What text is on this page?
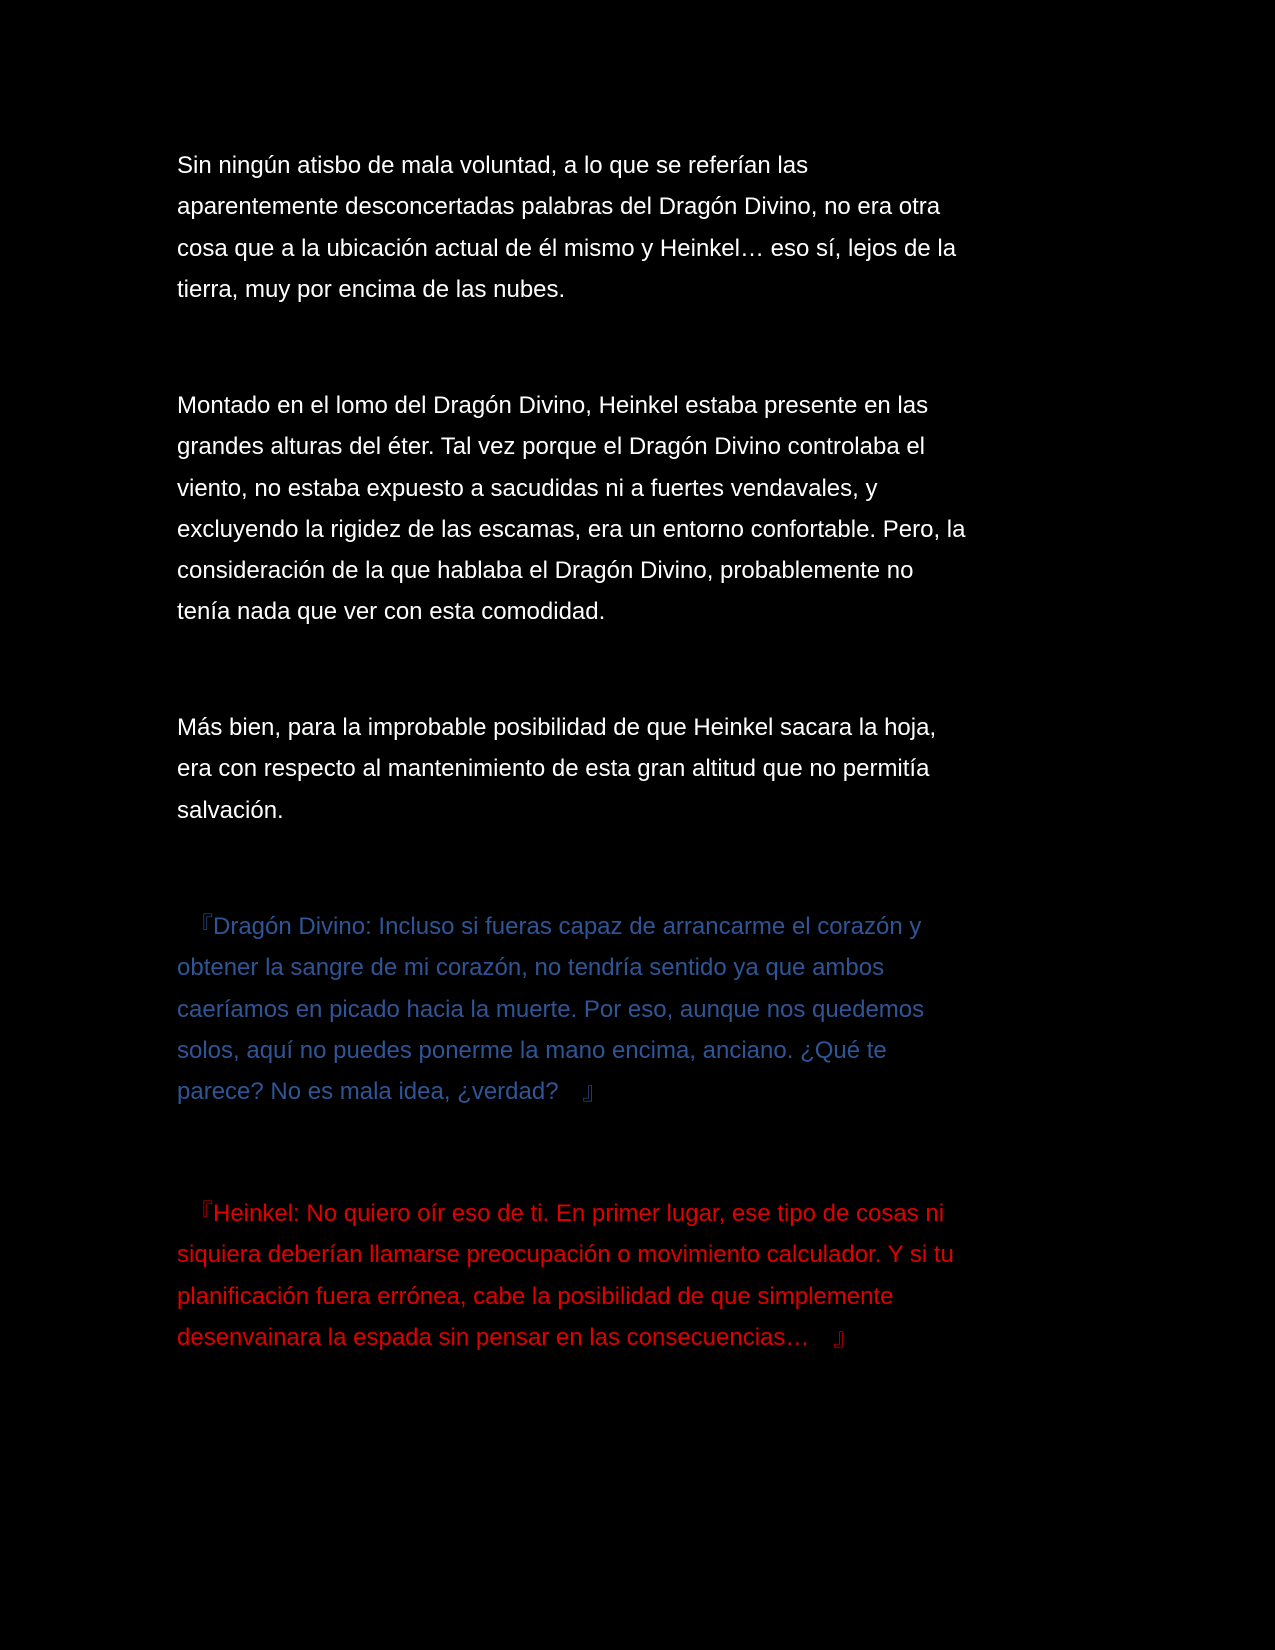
Sin ningún atisbo de mala voluntad, a lo que se referían las
aparentemente desconcertadas palabras del Dragón Divino, no era otra
cosa que a la ubicación actual de él mismo y Heinkel… eso sí, lejos de la
tierra, muy por encima de las nubes.

Montado en el lomo del Dragón Divino, Heinkel estaba presente en las
grandes alturas del éter. Tal vez porque el Dragón Divino controlaba el
viento, no estaba expuesto a sacudidas ni a fuertes vendavales, y
excluyendo la rigidez de las escamas, era un entorno confortable. Pero, la
consideración de la que hablaba el Dragón Divino, probablemente no
tenía nada que ver con esta comodidad.

Más bien, para la improbable posibilidad de que Heinkel sacara la hoja,
era con respecto al mantenimiento de esta gran altitud que no permitía
salvación.

　『Dragón Divino: Incluso si fueras capaz de arrancarme el corazón y
obtener la sangre de mi corazón, no tendría sentido ya que ambos
caeríamos en picado hacia la muerte. Por eso, aunque nos quedemos
solos, aquí no puedes ponerme la mano encima, anciano. ¿Qué te
parece? No es mala idea, ¿verdad?　』

　『Heinkel: No quiero oír eso de ti. En primer lugar, ese tipo de cosas ni
siquiera deberían llamarse preocupación o movimiento calculador. Y si tu
planificación fuera errónea, cabe la posibilidad de que simplemente
desenvainara la espada sin pensar en las consecuencias…　』
